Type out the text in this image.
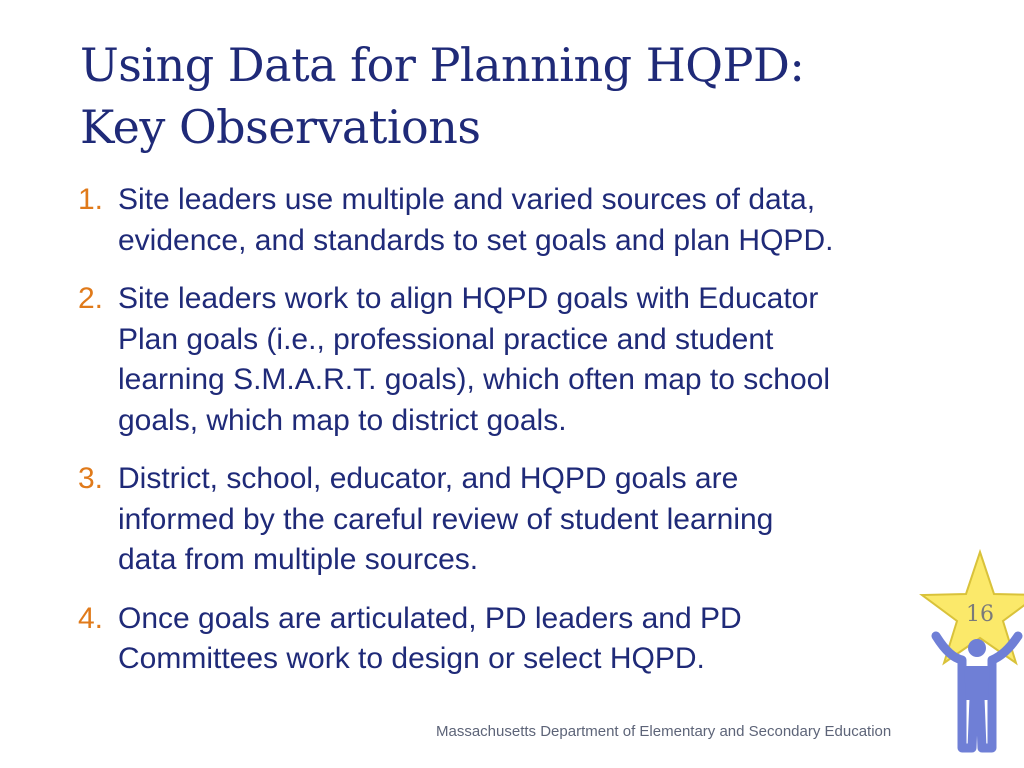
Using Data for Planning HQPD:
Key Observations
1. Site leaders use multiple and varied sources of data,
evidence, and standards to set goals and plan HQPD.
2. Site leaders work to align HQPD goals with Educator
Plan goals (i.e., professional practice and student
learning S.M.A.R.T. goals), which often map to school
goals, which map to district goals.
3. District, school, educator, and HQPD goals are
informed by the careful review of student learning
data from multiple sources.
4. Once goals are articulated, PD leaders and PD
Committees work to design or select HQPD.
16
Massachusetts Department of Elementary and Secondary Education
